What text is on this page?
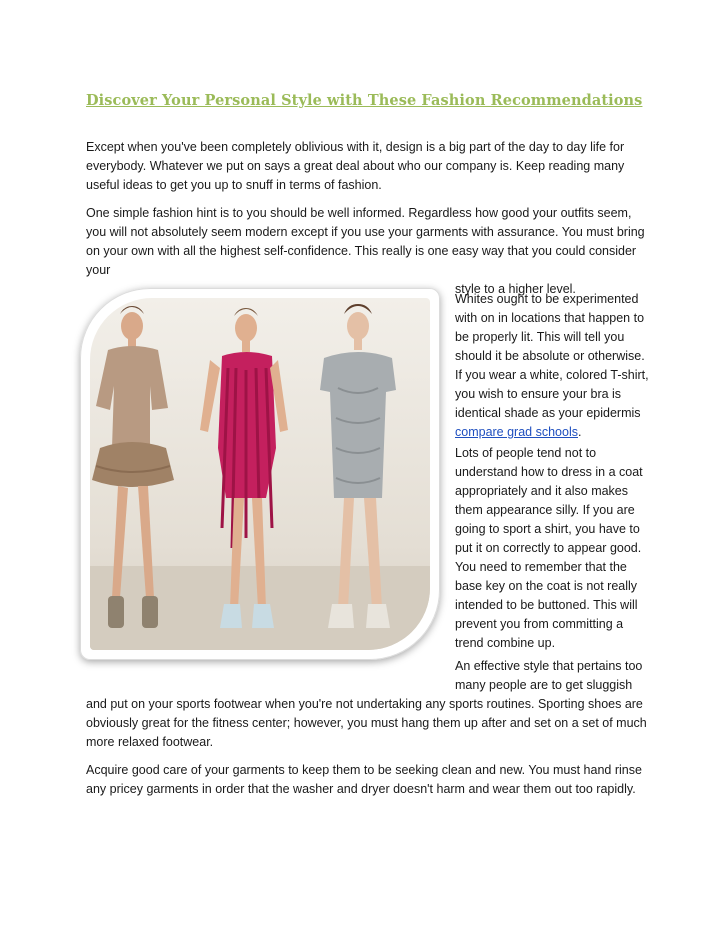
Discover Your Personal Style with These Fashion Recommendations

Except when you've been completely oblivious with it, design is a big part of the day to day life for everybody. Whatever we put on says a great deal about who our company is. Keep reading many useful ideas to get you up to snuff in terms of fashion.

One simple fashion hint is to you should be well informed. Regardless how good your outfits seem, you will not absolutely seem modern except if you use your garments with assurance. You must bring on your own with all the highest self-confidence. This really is one easy way that you could consider your
style to a higher level.

Whites ought to be experimented with on in locations that happen to be properly lit. This will tell you should it be absolute or otherwise. If you wear a white, colored T-shirt, you wish to ensure your bra is identical shade as your epidermis compare grad schools.

Lots of people tend not to understand how to dress in a coat appropriately and it also makes them appearance silly. If you are going to sport a shirt, you have to put it on correctly to appear good. You need to remember that the base key on the coat is not really intended to be buttoned. This will prevent you from committing a trend combine up.

An effective style that pertains too many people are to get sluggish
and put on your sports footwear when you're not undertaking any sports routines. Sporting shoes are obviously great for the fitness center; however, you must hang them up after and set on a set of much more relaxed footwear.

Acquire good care of your garments to keep them to be seeking clean and new. You must hand rinse any pricey garments in order that the washer and dryer doesn't harm and wear them out too rapidly.
